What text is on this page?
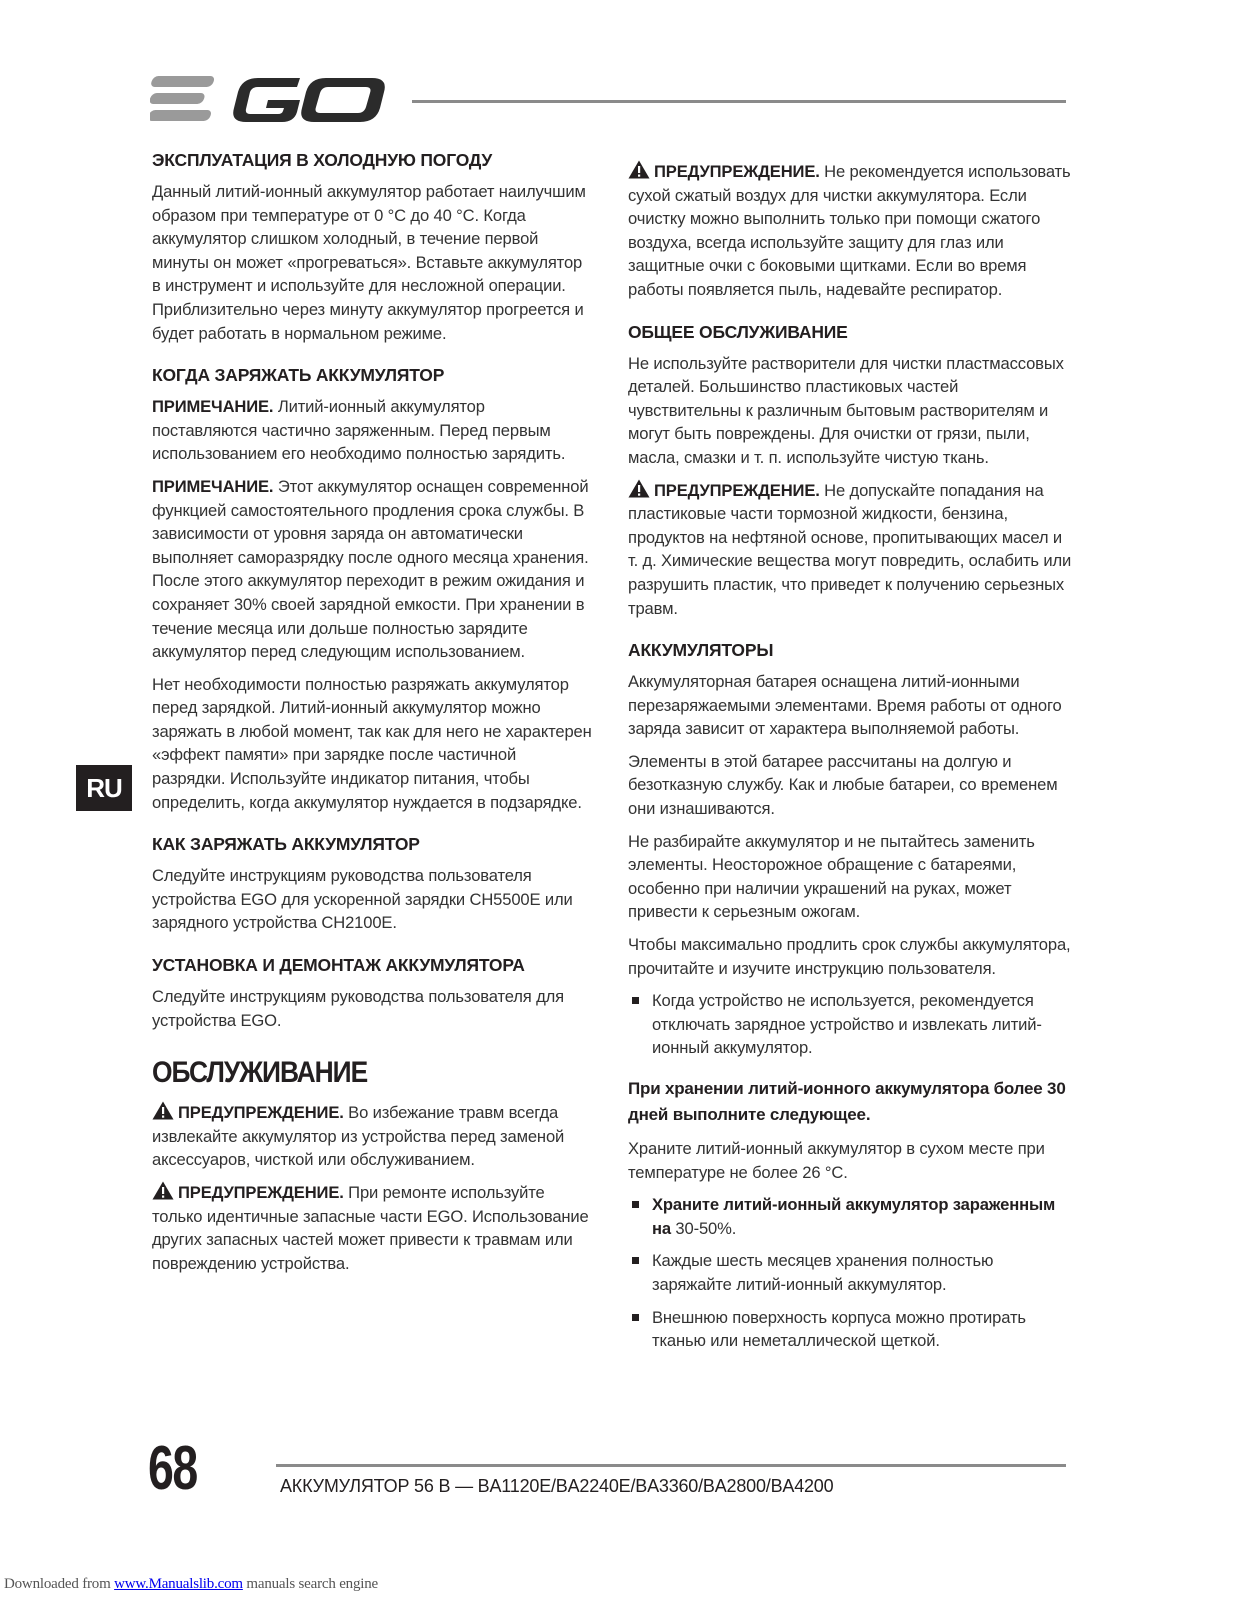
RU
ЭКСПЛУАТАЦИЯ В ХОЛОДНУЮ ПОГОДУ

Данный литий-ионный аккумулятор работает наилучшим образом при температуре от 0 °C до 40 °C. Когда аккумулятор слишком холодный, в течение первой минуты он может «прогреваться». Вставьте аккумулятор в инструмент и используйте для несложной операции. Приблизительно через минуту аккумулятор прогреется и будет работать в нормальном режиме.

КОГДА ЗАРЯЖАТЬ АККУМУЛЯТОР

ПРИМЕЧАНИЕ. Литий-ионный аккумулятор поставляются частично заряженным. Перед первым использованием его необходимо полностью зарядить.

ПРИМЕЧАНИЕ. Этот аккумулятор оснащен современной функцией самостоятельного продления срока службы. В зависимости от уровня заряда он автоматически выполняет саморазрядку после одного месяца хранения. После этого аккумулятор переходит в режим ожидания и сохраняет 30% своей зарядной емкости. При хранении в течение месяца или дольше полностью зарядите аккумулятор перед следующим использованием.

Нет необходимости полностью разряжать аккумулятор перед зарядкой. Литий-ионный аккумулятор можно заряжать в любой момент, так как для него не характерен «эффект памяти» при зарядке после частичной разрядки. Используйте индикатор питания, чтобы определить, когда аккумулятор нуждается в подзарядке.

КАК ЗАРЯЖАТЬ АККУМУЛЯТОР

Следуйте инструкциям руководства пользователя устройства EGO для ускоренной зарядки CH5500E или зарядного устройства CH2100E.

УСТАНОВКА И ДЕМОНТАЖ АККУМУЛЯТОРА

Следуйте инструкциям руководства пользователя для устройства EGO.

ОБСЛУЖИВАНИЕ

ПРЕДУПРЕЖДЕНИЕ. Во избежание травм всегда извлекайте аккумулятор из устройства перед заменой аксессуаров, чисткой или обслуживанием.

ПРЕДУПРЕЖДЕНИЕ. При ремонте используйте только идентичные запасные части EGO. Использование других запасных частей может привести к травмам или повреждению устройства.

ПРЕДУПРЕЖДЕНИЕ. Не рекомендуется использовать сухой сжатый воздух для чистки аккумулятора. Если очистку можно выполнить только при помощи сжатого воздуха, всегда используйте защиту для глаз или защитные очки с боковыми щитками. Если во время работы появляется пыль, надевайте респиратор.

ОБЩЕЕ ОБСЛУЖИВАНИЕ

Не используйте растворители для чистки пластмассовых деталей. Большинство пластиковых частей чувствительны к различным бытовым растворителям и могут быть повреждены. Для очистки от грязи, пыли, масла, смазки и т. п. используйте чистую ткань.

ПРЕДУПРЕЖДЕНИЕ. Не допускайте попадания на пластиковые части тормозной жидкости, бензина, продуктов на нефтяной основе, пропитывающих масел и т. д. Химические вещества могут повредить, ослабить или разрушить пластик, что приведет к получению серьезных травм.

АККУМУЛЯТОРЫ

Аккумуляторная батарея оснащена литий-ионными перезаряжаемыми элементами. Время работы от одного заряда зависит от характера выполняемой работы.

Элементы в этой батарее рассчитаны на долгую и безотказную службу. Как и любые батареи, со временем они изнашиваются.

Не разбирайте аккумулятор и не пытайтесь заменить элементы. Неосторожное обращение с батареями, особенно при наличии украшений на руках, может привести к серьезным ожогам.

Чтобы максимально продлить срок службы аккумулятора, прочитайте и изучите инструкцию пользователя.

Когда устройство не используется, рекомендуется отключать зарядное устройство и извлекать литий-ионный аккумулятор.
При хранении литий-ионного аккумулятора более 30 дней выполните следующее.

Храните литий-ионный аккумулятор в сухом месте при температуре не более 26 °C.

Храните литий-ионный аккумулятор зараженным на 30-50%.
Каждые шесть месяцев хранения полностью заряжайте литий-ионный аккумулятор.
Внешнюю поверхность корпуса можно протирать тканью или неметаллической щеткой.
68	АККУМУЛЯТОР 56 В — BA1120E/BA2240E/BA3360/BA2800/BA4200
Downloaded from www.Manualslib.com manuals search engine
